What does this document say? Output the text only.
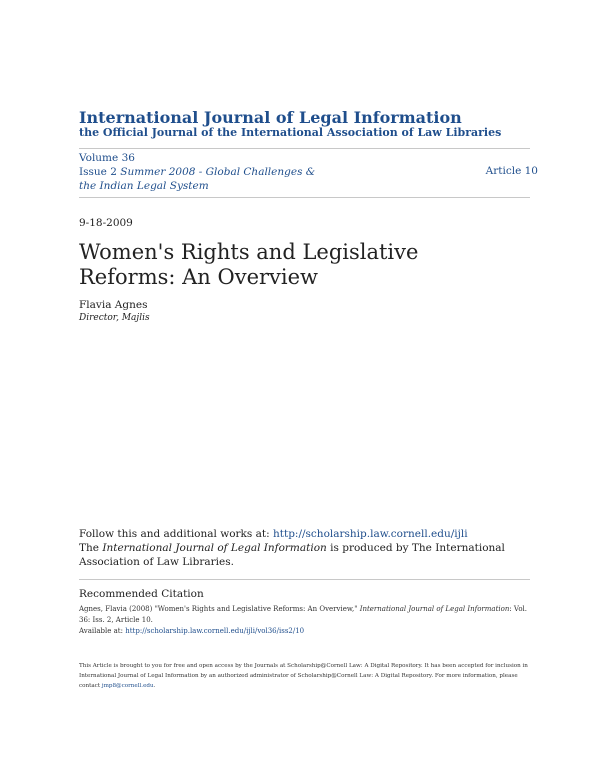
International Journal of Legal Information
the Official Journal of the International Association of Law Libraries
Volume 36
Issue 2 Summer 2008 - Global Challenges & the Indian Legal System
Article 10
9-18-2009
Women's Rights and Legislative Reforms: An Overview
Flavia Agnes
Director, Majlis
Follow this and additional works at: http://scholarship.law.cornell.edu/ijli
The International Journal of Legal Information is produced by The International Association of Law Libraries.
Recommended Citation
Agnes, Flavia (2008) "Women's Rights and Legislative Reforms: An Overview," International Journal of Legal Information: Vol. 36: Iss. 2, Article 10.
Available at: http://scholarship.law.cornell.edu/ijli/vol36/iss2/10
This Article is brought to you for free and open access by the Journals at Scholarship@Cornell Law: A Digital Repository. It has been accepted for inclusion in International Journal of Legal Information by an authorized administrator of Scholarship@Cornell Law: A Digital Repository. For more information, please contact jmp8@cornell.edu.
